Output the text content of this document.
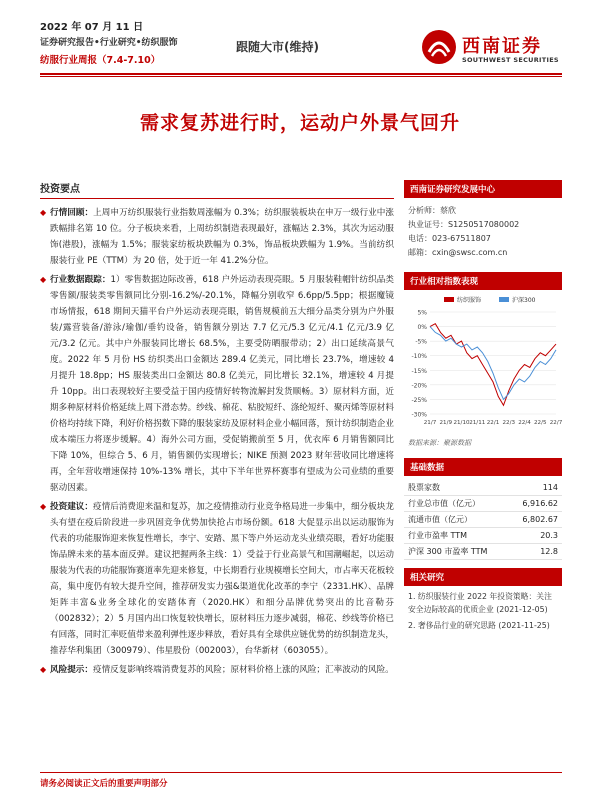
2022 年 07 月 11 日
证券研究报告•行业研究•纺织服饰
纺服行业周报（7.4-7.10）
跟随大市(维持)	西南证券
SOUTHWEST SECURITIES
需求复苏进行时，运动户外景气回升
投资要点
◆ 行情回顾：上周申万纺织服装行业指数周涨幅为 0.3%；纺织服装板块在申万一级行业中涨跌幅排名第 10 位。分子板块来看，上周纺织制造表现最好，涨幅达 2.3%，其次为运动服饰(港股)，涨幅为 1.5%；服装家纺板块跌幅为 0.3%，饰品板块跌幅为 1.9%。当前纺织服装行业 PE（TTM）为 20 倍，处于近一年 41.2%分位。
◆ 行业数据跟踪：1）零售数据边际改善，618 户外运动表现亮眼。5 月服装鞋帽针纺织品类零售额/服装类零售额同比分别-16.2%/-20.1%，降幅分别收窄 6.6pp/5.5pp；根据魔镜市场情报，618 期间天猫平台户外运动表现亮眼，销售规模前五大细分品类分别为户外服装/露营装备/游泳/瑜伽/垂钓设备，销售额分别达 7.7 亿元/5.3 亿元/4.1 亿元/3.9 亿元/3.2 亿元。其中户外服装同比增长 68.5%，主要受防晒服带动；2）出口延续高景气度。2022 年 5 月份 HS 纺织类出口金额达 289.4 亿美元，同比增长 23.7%，增速较 4 月提升 18.8pp；HS 服装类出口金额达 80.8 亿美元，同比增长 32.1%，增速较 4 月提升 10pp。出口表现较好主要受益于国内疫情好转物流解封发货顺畅。3）原材料方面，近期多种原材料价格延续上周下滑态势。纱线、棉花、粘胶短纤、涤纶短纤、聚丙烯等原材料价格均持续下降，利好价格拐数下降的服装家纺及原材料企业小幅回落，预计纺织制造企业成本端压力将逐步缓解。4）海外公司方面，受促销搬前至 5 月，优衣库 6 月销售额同比下降 10%，但综合 5、6 月，销售额仍实现增长；NIKE 预测 2023 财年营收同比增速将再，全年营收增速保持 10%-13% 增长，其中下半年世界杯赛事有望成为公司业绩的重要驱动因素。
◆ 投资建议：疫情后消费迎来温和复苏，加之疫情推动行业竞争格局进一步集中，细分板块龙头有望在疫后阶段进一步巩固竞争优势加快抢占市场份额。618 大促显示出以运动服饰为代表的功能服饰迎来恢复性增长，李宁、安踏、黑下等户外运动龙头业绩亮眼，看好功能服饰品牌未来的基本面反弹。建议把握两条主线：1）受益于行业高景气和国潮崛起，以运动服装为代表的功能服饰赛道率先迎来修复，中长期看行业规模增长空间大，市占率天花板较高，集中度仍有较大提升空间，推荐研发实力强&渠道优化改革的李宁（2331.HK）、品牌矩阵丰富&业务全球化的安踏体育（2020.HK）和细分品牌优势突出的比音勒芬（002832）；2）5 月国内出口恢复较快增长，原材料压力逐步减弱，棉花、纱线等价格已有回落，同时汇率贬值带来盈利弹性逐步释放，看好具有全球供应链优势的纺织制造龙头，推荐华利集团（300979）、伟星股份（002003），台华新材（603055）。
◆ 风险提示：疫情反复影响终端消费复苏的风险；原材料价格上涨的风险；汇率波动的风险。
西南证券研究发展中心
分析师：蔡欣
执业证号：S1250517080002
电话：023-67511807
邮箱：cxin@swsc.com.cn
行业相对指数表现
5%
0%
-5%
-10%
-15%
-20%
-25%
-30%
21/7 21/9 21/10 21/11 22/1 22/3 22/4 22/5 22/7
纺织服饰	沪深300
数据来源：聚源数据
基础数据
股票家数	114
行业总市值（亿元）	6,916.62
流通市值（亿元）	6,802.67
行业市盈率 TTM	20.3
沪深 300 市盈率 TTM	12.8
相关研究
1. 纺织服装行业 2022 年投资策略：关注安全边际较高的优质企业 (2021-12-05)
2. 奢侈品行业的研究思路 (2021-11-25)
请务必阅读正文后的重要声明部分
